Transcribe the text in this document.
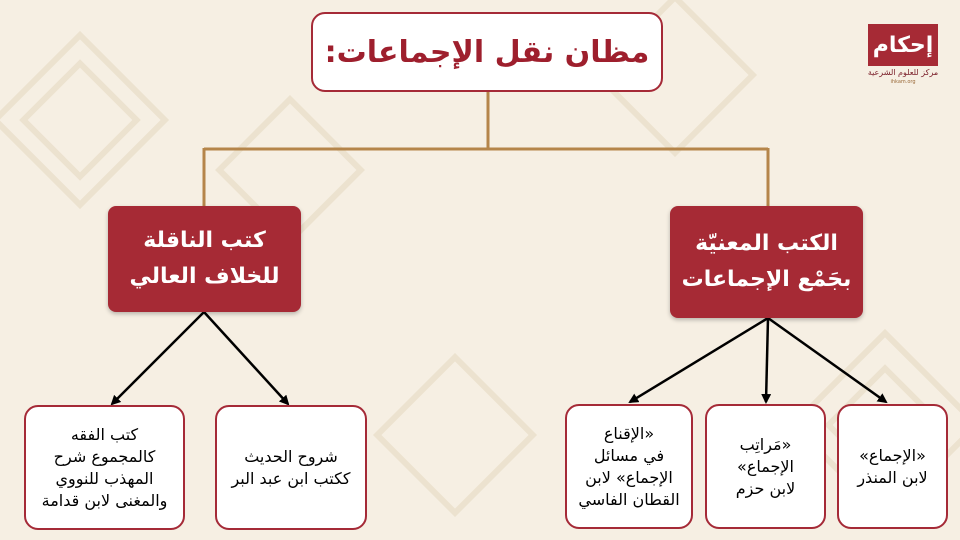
مظان نقل الإجماعات:
كتب الناقلة للخلاف العالي
الكتب المعنيّة بجَمْع الإجماعات
كتب الفقه
كالمجموع شرح
المهذب للنووي
والمغنى لابن قدامة
شروح الحديث
ككتب ابن عبد البر
«الإقناع
في مسائل
الإجماع» لابن
القطان الفاسي
«مَراتِب
الإجماع»
لابن حزم
«الإجماع»
لابن المنذر
إحكام
مركز للعلوم الشرعية
ihkam.org
